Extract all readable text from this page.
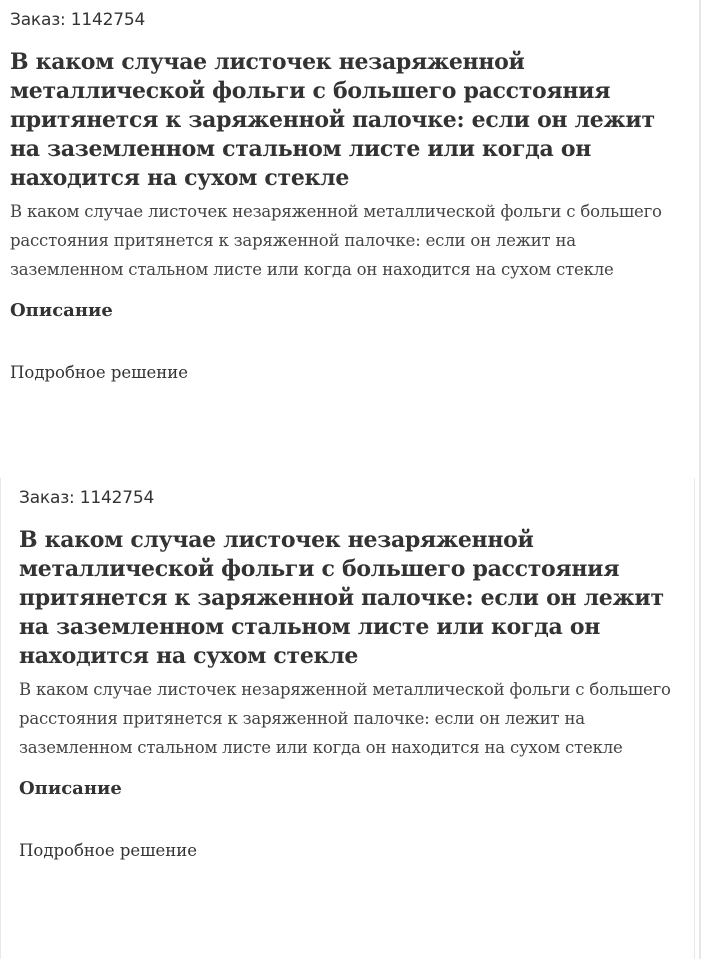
Заказ: 1142754
В каком случае листочек незаряженной металлической фольги с большего расстояния притянется к заряженной палочке: если он лежит на заземленном стальном листе или когда он находится на сухом стекле

В каком случае листочек незаряженной металлической фольги с большего расстояния притянется к заряженной палочке: если он лежит на заземленном стальном листе или когда он находится на сухом стекле

Описание
Подробное решение
Заказ: 1142754
В каком случае листочек незаряженной металлической фольги с большего расстояния притянется к заряженной палочке: если он лежит на заземленном стальном листе или когда он находится на сухом стекле

В каком случае листочек незаряженной металлической фольги с большего расстояния притянется к заряженной палочке: если он лежит на заземленном стальном листе или когда он находится на сухом стекле

Описание
Подробное решение
